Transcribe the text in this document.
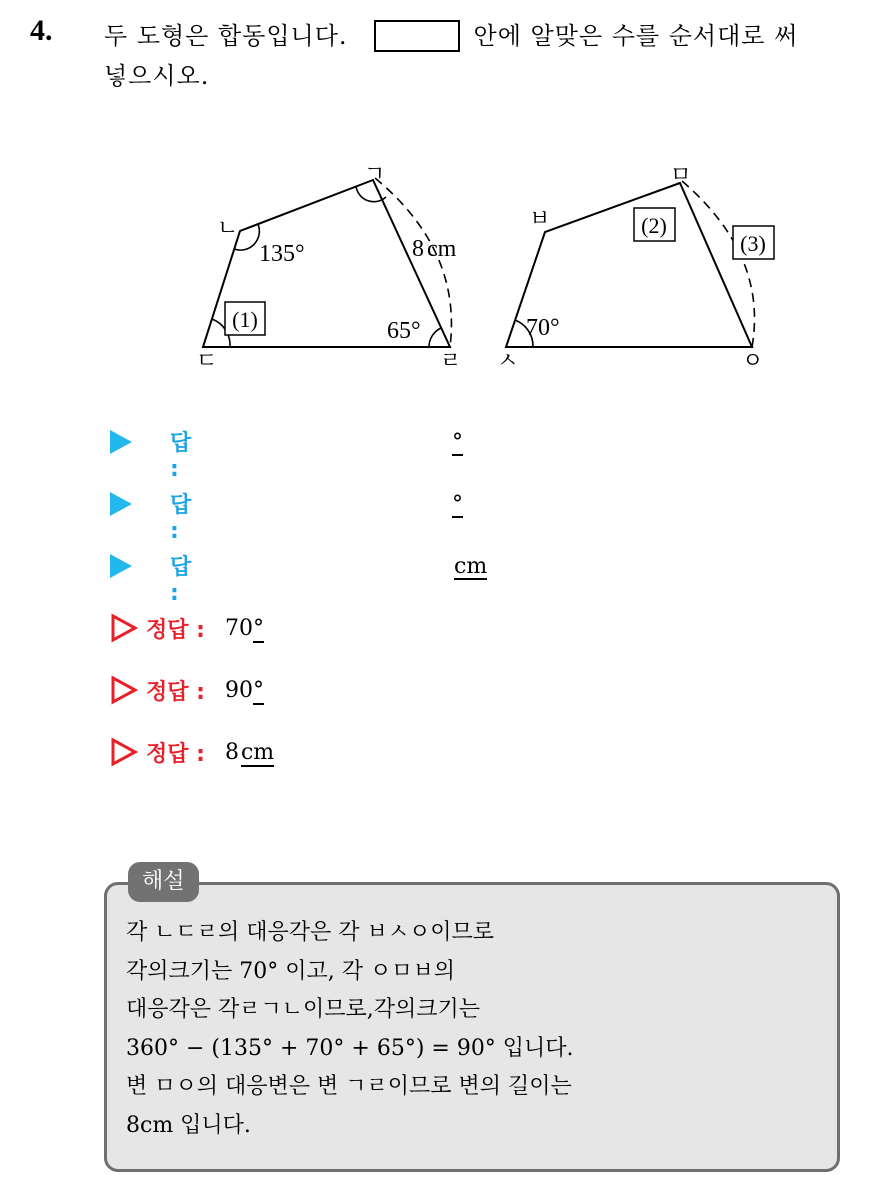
4. 두 도형은 합동입니다.	안에 알맞은 수를 순서대로 써
넣으시오.
ㄱ
ㄴ
ㄷ	ㄹ
135°
65°
8 cm
(1)
ㅁ
ㅂ
ㅅ	ㅇ
70°
(2)
(3)
답 :
°
답 :
°
답 :
cm
정답 : 70°
정답 : 90°
정답 : 8cm
해설
각 ㄴㄷㄹ의 대응각은 각 ㅂㅅㅇ이므로
각의크기는 70° 이고, 각 ㅇㅁㅂ의
대응각은 각ㄹㄱㄴ이므로,각의크기는
360° − (135° + 70° + 65°) = 90° 입니다.
변 ㅁㅇ의 대응변은 변 ㄱㄹ이므로 변의 길이는
8cm 입니다.
